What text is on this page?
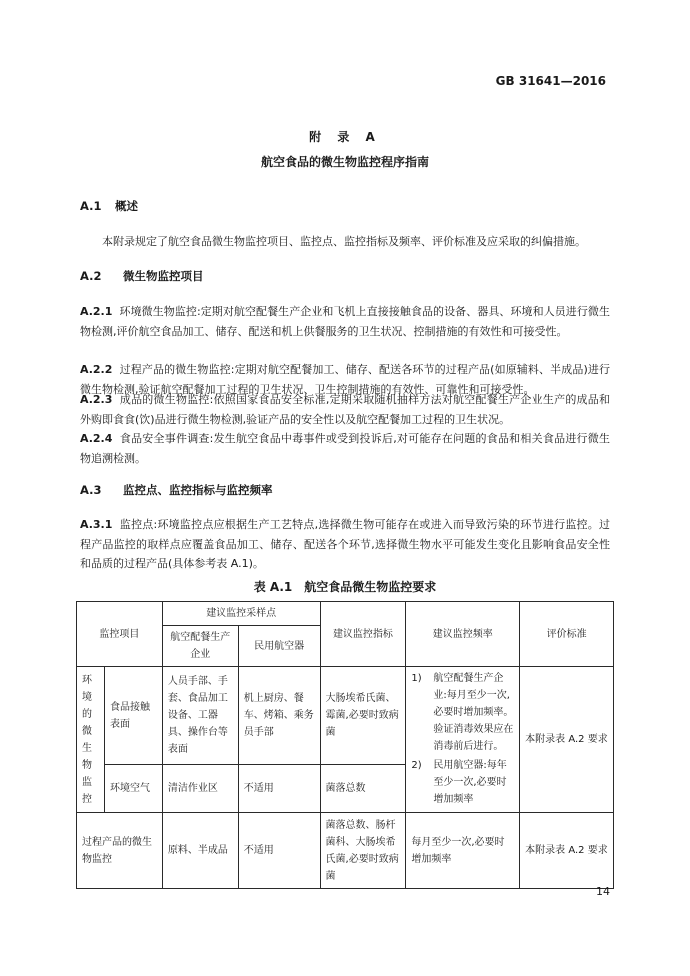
GB 31641—2016
附 录 A
航空食品的微生物监控程序指南
A.1 概述
本附录规定了航空食品微生物监控项目、监控点、监控指标及频率、评价标准及应采取的纠偏措施。
A.2 微生物监控项目
A.2.1 环境微生物监控:定期对航空配餐生产企业和飞机上直接接触食品的设备、器具、环境和人员进行微生物检测,评价航空食品加工、储存、配送和机上供餐服务的卫生状况、控制措施的有效性和可接受性。
A.2.2 过程产品的微生物监控:定期对航空配餐加工、储存、配送各环节的过程产品(如原辅料、半成品)进行微生物检测,验证航空配餐加工过程的卫生状况、卫生控制措施的有效性、可靠性和可接受性。
A.2.3 成品的微生物监控:依照国家食品安全标准,定期采取随机抽样方法对航空配餐生产企业生产的成品和外购即食食(饮)品进行微生物检测,验证产品的安全性以及航空配餐加工过程的卫生状况。
A.2.4 食品安全事件调查:发生航空食品中毒事件或受到投诉后,对可能存在问题的食品和相关食品进行微生物追溯检测。
A.3 监控点、监控指标与监控频率
A.3.1 监控点:环境监控点应根据生产工艺特点,选择微生物可能存在或进入而导致污染的环节进行监控。过程产品监控的取样点应覆盖食品加工、储存、配送各个环节,选择微生物水平可能发生变化且影响食品安全性和品质的过程产品(具体参考表 A.1)。
表 A.1　航空食品微生物监控要求
监控项目		建议监控采样点		建议监控指标	建议监控频率	评价标准
		航空配餐生产企业	民用航空器			
环境的微生物监控	食品接触表面	人员手部、手套、食品加工设备、工器具、操作台等表面	机上厨房、餐车、烤箱、乘务员手部	大肠埃希氏菌、霉菌,必要时致病菌	1) 航空配餐生产企业:每月至少一次,必要时增加频率。验证消毒效果应在消毒前后进行。
2) 民用航空器:每年至少一次,必要时增加频率	本附录表 A.2 要求
	环境空气	清洁作业区	不适用	菌落总数		
过程产品的微生物监控		原料、半成品	不适用	菌落总数、肠杆菌科、大肠埃希氏菌,必要时致病菌	每月至少一次,必要时增加频率	本附录表 A.2 要求
14
